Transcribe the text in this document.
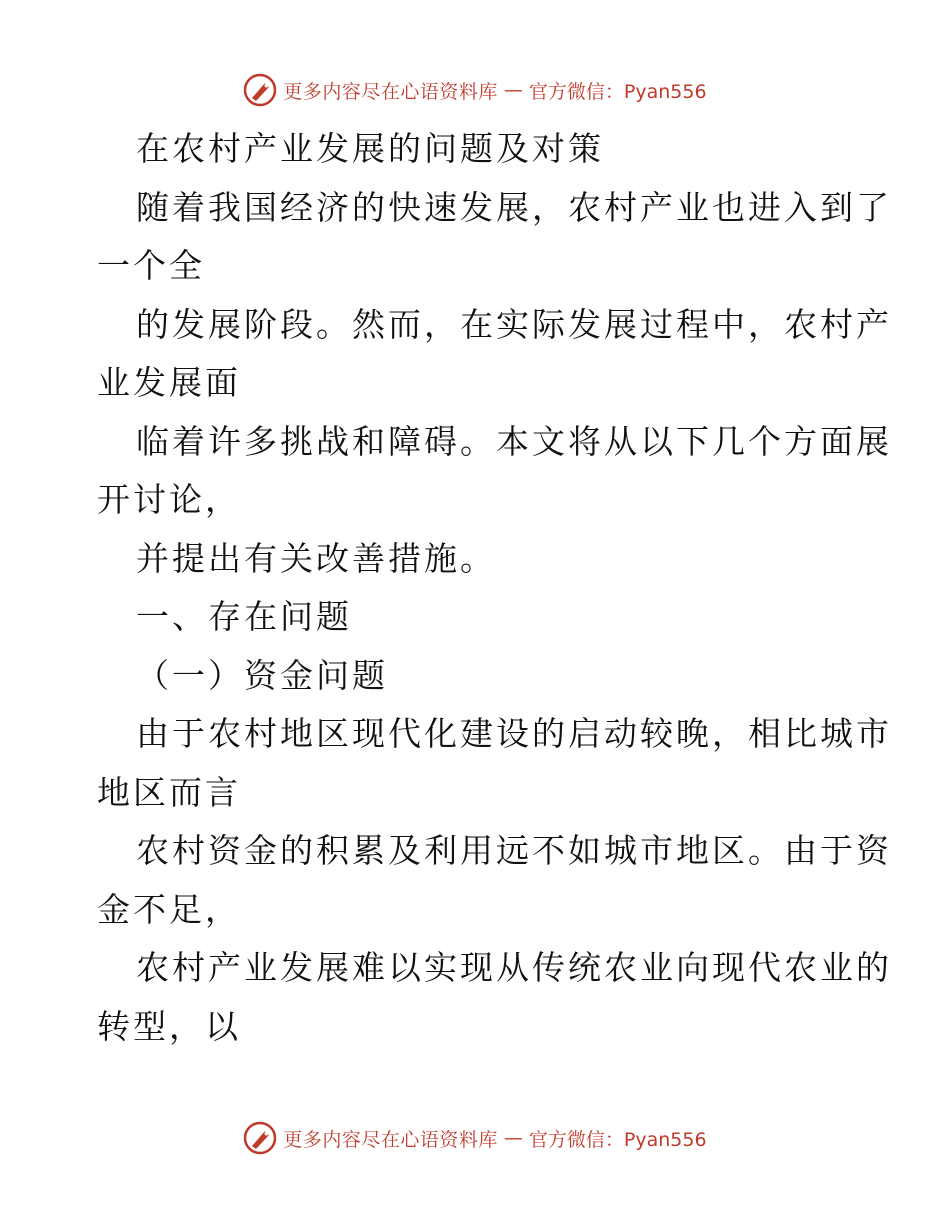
更多内容尽在心语资料库 — 官方微信：Pyan556
在农村产业发展的问题及对策
随着我国经济的快速发展，农村产业也进入到了
一个全
的发展阶段。然而，在实际发展过程中，农村产
业发展面
临着许多挑战和障碍。本文将从以下几个方面展
开讨论，
并提出有关改善措施。
一、存在问题
（一）资金问题
由于农村地区现代化建设的启动较晚，相比城市
地区而言
农村资金的积累及利用远不如城市地区。由于资
金不足，
农村产业发展难以实现从传统农业向现代农业的
转型，以
更多内容尽在心语资料库 — 官方微信：Pyan556
